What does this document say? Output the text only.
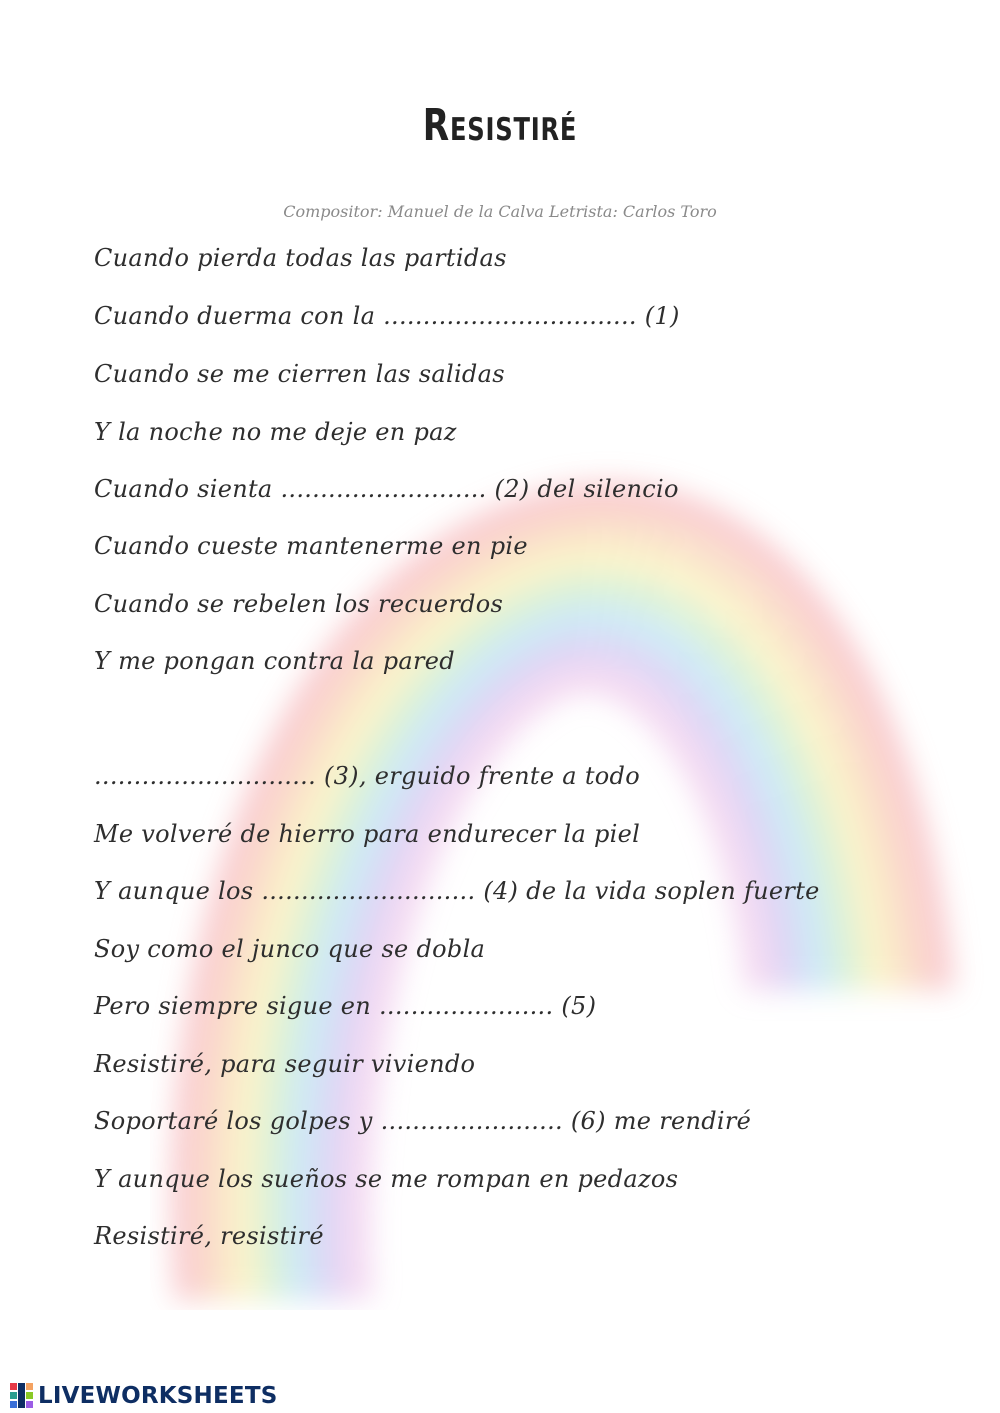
Resistiré
Compositor: Manuel de la Calva Letrista: Carlos Toro
Cuando pierda todas las partidas
Cuando duerma con la ................................ (1)
Cuando se me cierren las salidas
Y la noche no me deje en paz
Cuando sienta .......................... (2) del silencio
Cuando cueste mantenerme en pie
Cuando se rebelen los recuerdos
Y me pongan contra la pared
............................ (3), erguido frente a todo
Me volveré de hierro para endurecer la piel
Y aunque los ........................... (4) de la vida soplen fuerte
Soy como el junco que se dobla
Pero siempre sigue en ...................... (5)
Resistiré, para seguir viviendo
Soportaré los golpes y ....................... (6) me rendiré
Y aunque los sueños se me rompan en pedazos
Resistiré, resistiré
LIVEWORKSHEETS
